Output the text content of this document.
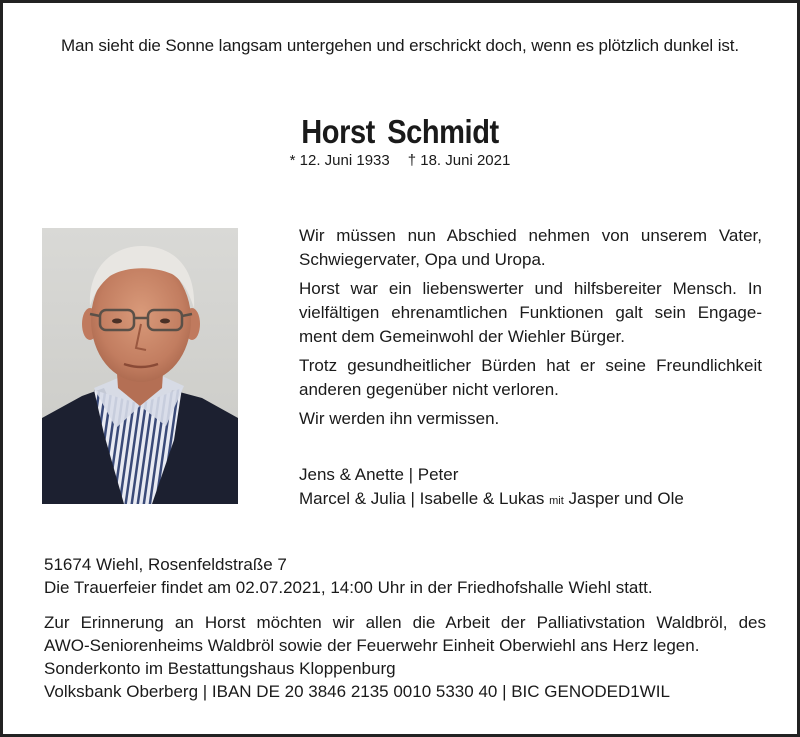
Man sieht die Sonne langsam untergehen und erschrickt doch, wenn es plötzlich dunkel ist.
Horst Schmidt
* 12. Juni 1933 † 18. Juni 2021

Wir müssen nun Abschied nehmen von unserem Vater, Schwiegervater, Opa und Uropa.

Horst war ein liebenswerter und hilfsbereiter Mensch. In vielfältigen ehrenamtlichen Funktionen galt sein Engage-ment dem Gemeinwohl der Wiehler Bürger.

Trotz gesundheitlicher Bürden hat er seine Freundlichkeit anderen gegenüber nicht verloren.

Wir werden ihn vermissen.

Jens & Anette | Peter
Marcel & Julia | Isabelle & Lukas mit Jasper und Ole
51674 Wiehl, Rosenfeldstraße 7
Die Trauerfeier findet am 02.07.2021, 14:00 Uhr in der Friedhofshalle Wiehl statt.
Zur Erinnerung an Horst möchten wir allen die Arbeit der Palliativstation Waldbröl, des
AWO-Seniorenheims Waldbröl sowie der Feuerwehr Einheit Oberwiehl ans Herz legen.
Sonderkonto im Bestattungshaus Kloppenburg
Volksbank Oberberg | IBAN DE 20 3846 2135 0010 5330 40 | BIC GENODED1WIL
